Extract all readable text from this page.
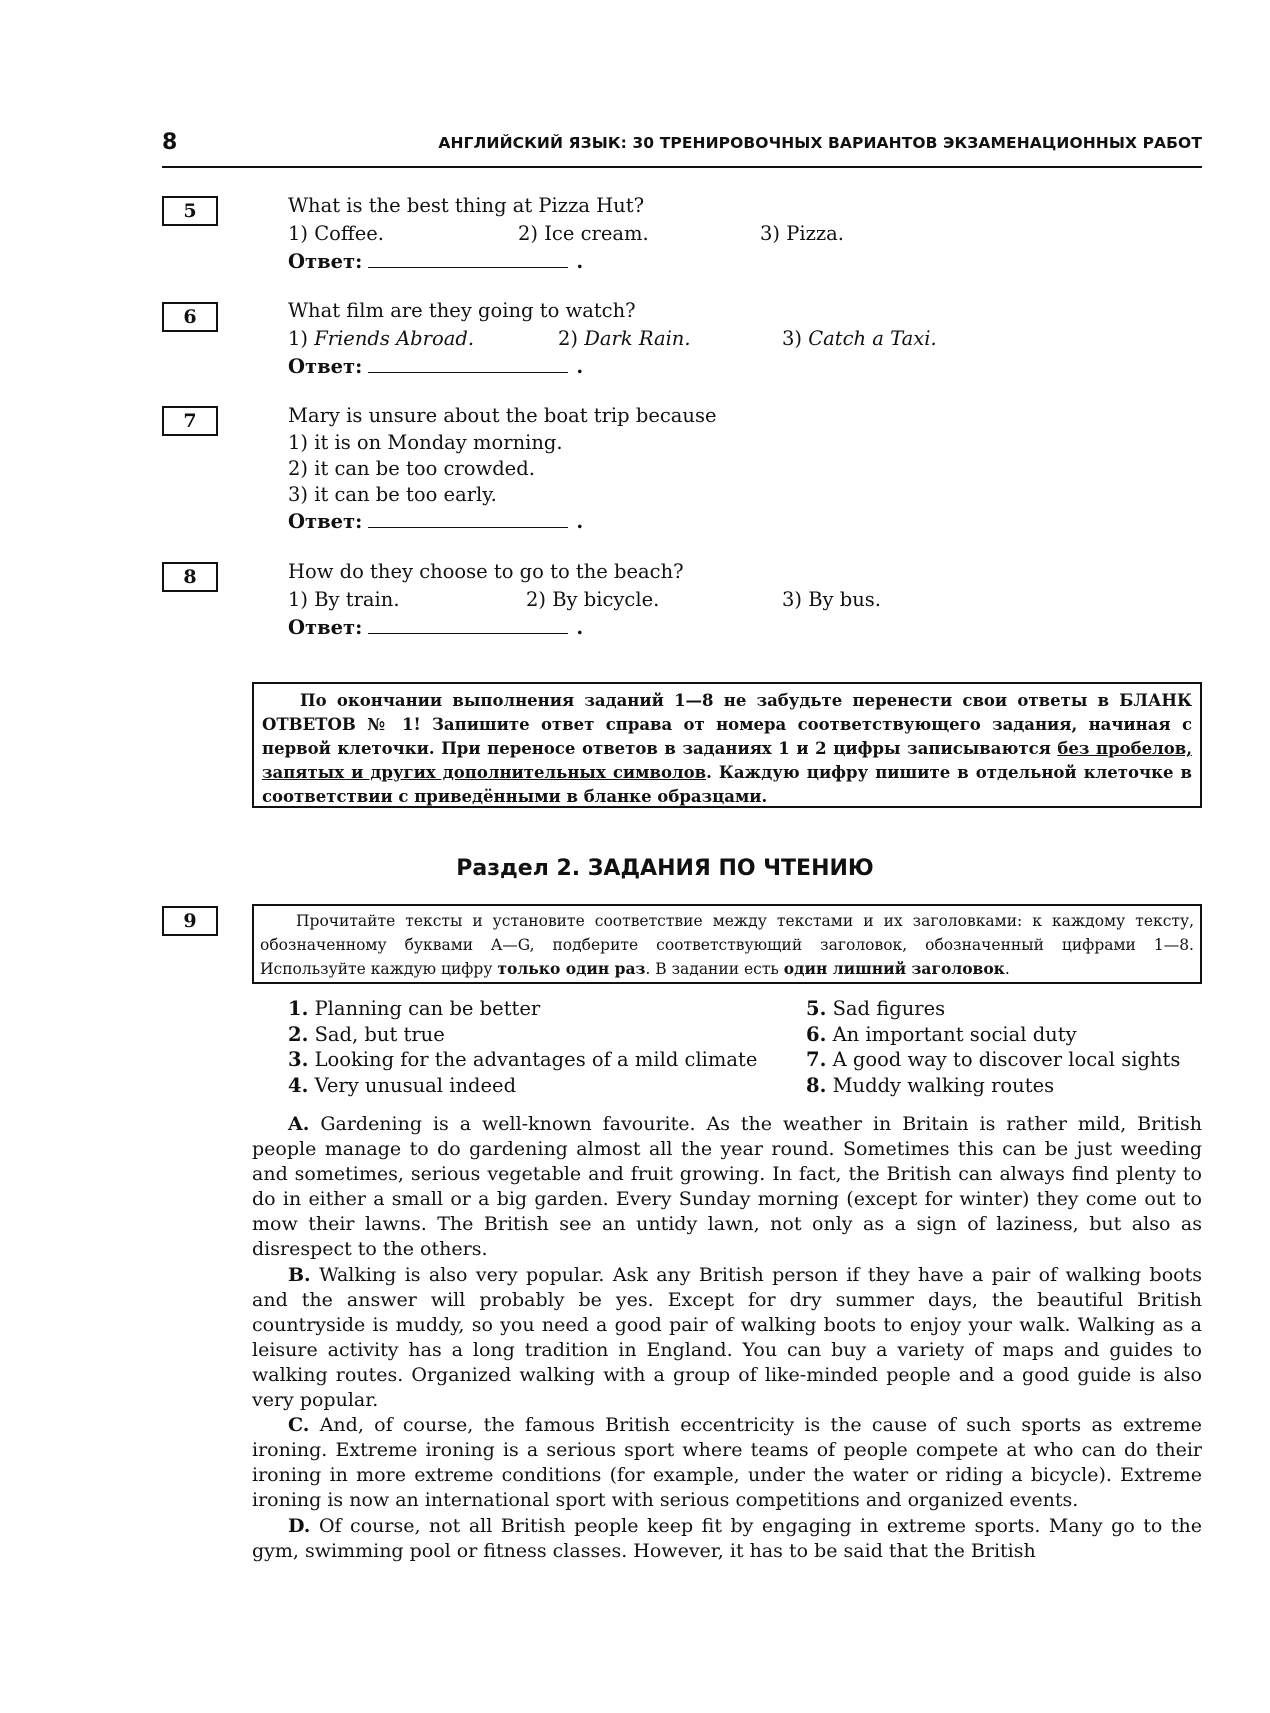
8	АНГЛИЙСКИЙ ЯЗЫК: 30 ТРЕНИРОВОЧНЫХ ВАРИАНТОВ ЭКЗАМЕНАЦИОННЫХ РАБОТ
5	What is the best thing at Pizza Hut?
1) Coffee.	2) Ice cream.	3) Pizza.
Ответ:	.
6	What film are they going to watch?
1) Friends Abroad.	2) Dark Rain.	3) Catch a Taxi.
Ответ:	.
7	Mary is unsure about the boat trip because
1) it is on Monday morning.
2) it can be too crowded.
3) it can be too early.
Ответ:	.
8	How do they choose to go to the beach?
1) By train.	2) By bicycle.	3) By bus.
Ответ:	.

По окончании выполнения заданий 1—8 не забудьте перенести свои ответы в БЛАНК ОТВЕТОВ № 1! Запишите ответ справа от номера соответствующего задания, начиная с первой клеточки. При переносе ответов в заданиях 1 и 2 цифры записываются без пробелов, запятых и других дополнительных символов. Каждую цифру пишите в отдельной клеточке в соответствии с приведёнными в бланке образцами.

Раздел 2. ЗАДАНИЯ ПО ЧТЕНИЮ
9	Прочитайте тексты и установите соответствие между текстами и их заголовками: к каждому тексту, обозначенному буквами A—G, подберите соответствующий заголовок, обозначенный цифрами 1—8. Используйте каждую цифру только один раз. В задании есть один лишний заголовок.

1. Planning can be better	5. Sad figures
2. Sad, but true	6. An important social duty
3. Looking for the advantages of a mild climate 7. A good way to discover local sights
4. Very unusual indeed	8. Muddy walking routes

A. Gardening is a well-known favourite. As the weather in Britain is rather mild, British people manage to do gardening almost all the year round. Sometimes this can be just weeding and sometimes, serious vegetable and fruit growing. In fact, the British can always find plenty to do in either a small or a big garden. Every Sunday morning (except for winter) they come out to mow their lawns. The British see an untidy lawn, not only as a sign of laziness, but also as disrespect to the others.

B. Walking is also very popular. Ask any British person if they have a pair of walking boots and the answer will probably be yes. Except for dry summer days, the beautiful British countryside is muddy, so you need a good pair of walking boots to enjoy your walk. Walking as a leisure activity has a long tradition in England. You can buy a variety of maps and guides to walking routes. Organized walking with a group of like-minded people and a good guide is also very popular.

C. And, of course, the famous British eccentricity is the cause of such sports as extreme ironing. Extreme ironing is a serious sport where teams of people compete at who can do their ironing in more extreme conditions (for example, under the water or riding a bicycle). Extreme ironing is now an international sport with serious competitions and organized events.

D. Of course, not all British people keep fit by engaging in extreme sports. Many go to the gym, swimming pool or fitness classes. However, it has to be said that the British
